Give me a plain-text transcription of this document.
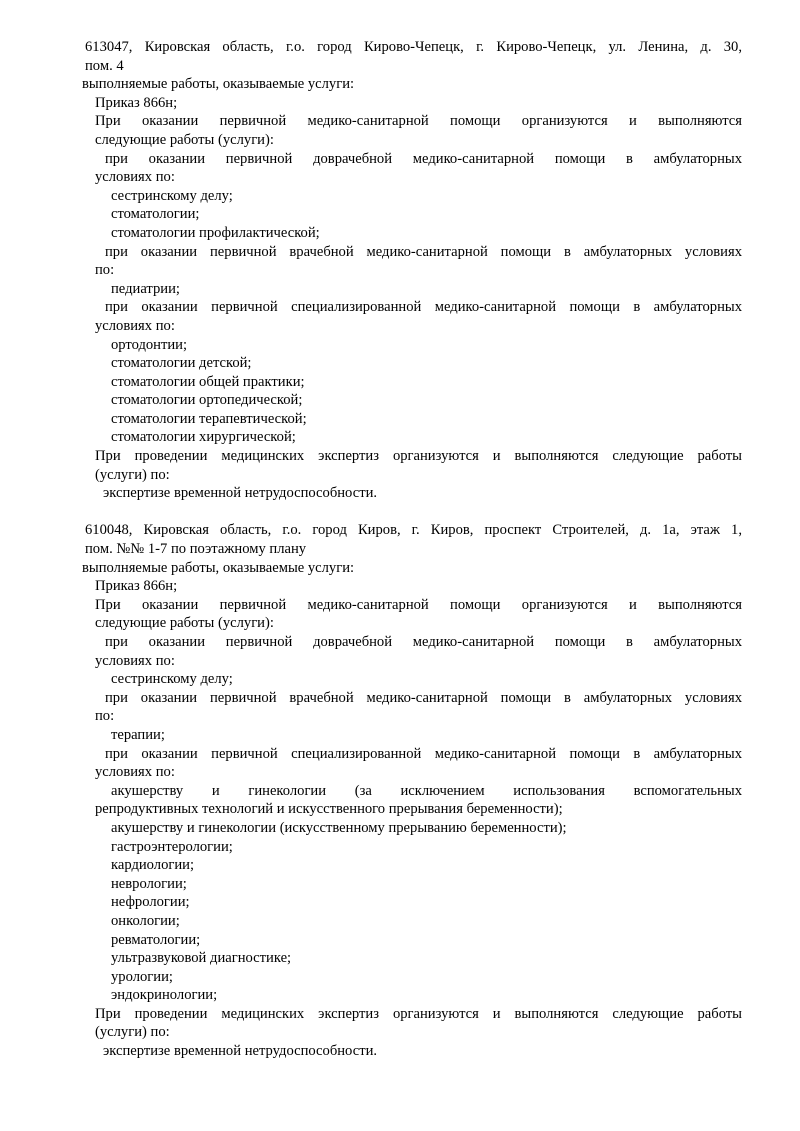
613047, Кировская область, г.о. город Кирово-Чепецк, г. Кирово-Чепецк, ул. Ленина, д. 30,
пом. 4
выполняемые работы, оказываемые услуги:
Приказ 866н;
При оказании первичной медико-санитарной помощи организуются и выполняются
следующие работы (услуги):
при оказании первичной доврачебной медико-санитарной помощи в амбулаторных
условиях по:
сестринскому делу;
стоматологии;
стоматологии профилактической;
при оказании первичной врачебной медико-санитарной помощи в амбулаторных условиях
по:
педиатрии;
при оказании первичной специализированной медико-санитарной помощи в амбулаторных
условиях по:
ортодонтии;
стоматологии детской;
стоматологии общей практики;
стоматологии ортопедической;
стоматологии терапевтической;
стоматологии хирургической;
При проведении медицинских экспертиз организуются и выполняются следующие работы
(услуги) по:
экспертизе временной нетрудоспособности.
610048, Кировская область, г.о. город Киров, г. Киров, проспект Строителей, д. 1а, этаж 1,
пом. №№ 1-7 по поэтажному плану
выполняемые работы, оказываемые услуги:
Приказ 866н;
При оказании первичной медико-санитарной помощи организуются и выполняются
следующие работы (услуги):
при оказании первичной доврачебной медико-санитарной помощи в амбулаторных
условиях по:
сестринскому делу;
при оказании первичной врачебной медико-санитарной помощи в амбулаторных условиях
по:
терапии;
при оказании первичной специализированной медико-санитарной помощи в амбулаторных
условиях по:
акушерству и гинекологии (за исключением использования вспомогательных
репродуктивных технологий и искусственного прерывания беременности);
акушерству и гинекологии (искусственному прерыванию беременности);
гастроэнтерологии;
кардиологии;
неврологии;
нефрологии;
онкологии;
ревматологии;
ультразвуковой диагностике;
урологии;
эндокринологии;
При проведении медицинских экспертиз организуются и выполняются следующие работы
(услуги) по:
экспертизе временной нетрудоспособности.
